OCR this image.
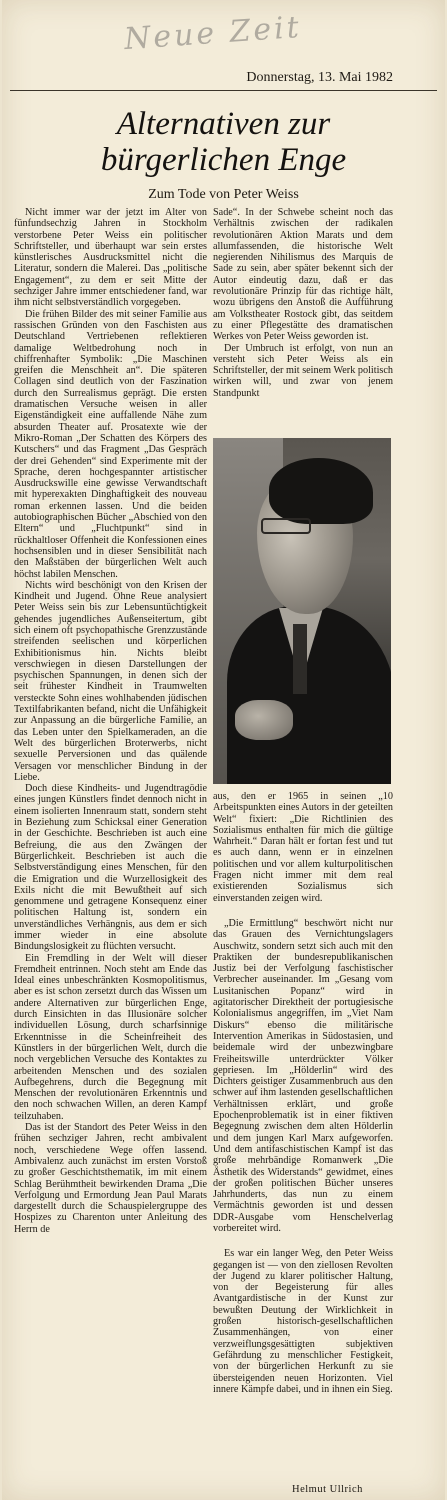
Neue Zeit
Donnerstag, 13. Mai 1982
Alternativen zur
bürgerlichen Enge
Zum Tode von Peter Weiss

Nicht immer war der jetzt im Alter von fünfundsechzig Jahren in Stockholm verstorbene Peter Weiss ein politischer Schriftsteller, und überhaupt war sein erstes künstlerisches Ausdrucksmittel nicht die Literatur, sondern die Malerei. Das „politische Engagement“, zu dem er seit Mitte der sechziger Jahre immer entschiedener fand, war ihm nicht selbstverständlich vorgegeben.

Die frühen Bilder des mit seiner Familie aus rassischen Gründen von den Faschisten aus Deutschland Vertriebenen reflektieren damalige Weltbedrohung noch in chiffrenhafter Symbolik: „Die Maschinen greifen die Menschheit an“. Die späteren Collagen sind deutlich von der Faszination durch den Surrealismus geprägt. Die ersten dramatischen Versuche weisen in aller Eigenständigkeit eine auffallende Nähe zum absurden Theater auf. Prosatexte wie der Mikro-Roman „Der Schatten des Körpers des Kutschers“ und das Fragment „Das Gespräch der drei Gehenden“ sind Experimente mit der Sprache, deren hochgespannter artistischer Ausdruckswille eine gewisse Verwandtschaft mit hyperexakten Dinghaftigkeit des nouveau roman erkennen lassen. Und die beiden autobiographischen Bücher „Abschied von den Eltern“ und „Fluchtpunkt“ sind in rückhaltloser Offenheit die Konfessionen eines hochsensiblen und in dieser Sensibilität nach den Maßstäben der bürgerlichen Welt auch höchst labilen Menschen.

Nichts wird beschönigt von den Krisen der Kindheit und Jugend. Ohne Reue analysiert Peter Weiss sein bis zur Lebensuntüchtigkeit gehendes jugendliches Außenseitertum, gibt sich einem oft psychopathische Grenzzustände streifenden seelischen und körperlichen Exhibitionismus hin. Nichts bleibt verschwiegen in diesen Darstellungen der psychischen Spannungen, in denen sich der seit frühester Kindheit in Traumwelten versteckte Sohn eines wohlhabenden jüdischen Textilfabrikanten befand, nicht die Unfähigkeit zur Anpassung an die bürgerliche Familie, an das Leben unter den Spielkameraden, an die Welt des bürgerlichen Broterwerbs, nicht sexuelle Perversionen und das quälende Versagen vor menschlicher Bindung in der Liebe.

Doch diese Kindheits- und Jugendtragödie eines jungen Künstlers findet dennoch nicht in einem isolierten Innenraum statt, sondern steht in Beziehung zum Schicksal einer Generation in der Geschichte. Beschrieben ist auch eine Befreiung, die aus den Zwängen der Bürgerlichkeit. Beschrieben ist auch die Selbstverständigung eines Menschen, für den die Emigration und die Wurzellosigkeit des Exils nicht die mit Bewußtheit auf sich genommene und getragene Konsequenz einer politischen Haltung ist, sondern ein unverständliches Verhängnis, aus dem er sich immer wieder in eine absolute Bindungslosigkeit zu flüchten versucht.

Ein Fremdling in der Welt will dieser Fremdheit entrinnen. Noch steht am Ende das Ideal eines unbeschränkten Kosmopolitismus, aber es ist schon zersetzt durch das Wissen um andere Alternativen zur bürgerlichen Enge, durch Einsichten in das Illusionäre solcher individuellen Lösung, durch scharfsinnige Erkenntnisse in die Scheinfreiheit des Künstlers in der bürgerlichen Welt, durch die noch vergeblichen Versuche des Kontaktes zu arbeitenden Menschen und des sozialen Aufbegehrens, durch die Begegnung mit Menschen der revolutionären Erkenntnis und den noch schwachen Willen, an deren Kampf teilzuhaben.

Das ist der Standort des Peter Weiss in den frühen sechziger Jahren, recht ambivalent noch, verschiedene Wege offen lassend. Ambivalenz auch zunächst im ersten Vorstoß zu großer Geschichtsthematik, im mit einem Schlag Berühmtheit bewirkenden Drama „Die Verfolgung und Ermordung Jean Paul Marats dargestellt durch die Schauspielergruppe des Hospizes zu Charenton unter Anleitung des Herrn de

Sade“. In der Schwebe scheint noch das Verhältnis zwischen der radikalen revolutionären Aktion Marats und dem allumfassenden, die historische Welt negierenden Nihilismus des Marquis de Sade zu sein, aber später bekennt sich der Autor eindeutig dazu, daß er das revolutionäre Prinzip für das richtige hält, wozu übrigens den Anstoß die Aufführung am Volkstheater Rostock gibt, das seitdem zu einer Pflegestätte des dramatischen Werkes von Peter Weiss geworden ist.

Der Umbruch ist erfolgt, von nun an versteht sich Peter Weiss als ein Schriftsteller, der mit seinem Werk politisch wirken will, und zwar von jenem Standpunkt

aus, den er 1965 in seinen „10 Arbeitspunkten eines Autors in der geteilten Welt“ fixiert: „Die Richtlinien des Sozialismus enthalten für mich die gültige Wahrheit.“ Daran hält er fortan fest und tut es auch dann, wenn er in einzelnen politischen und vor allem kulturpolitischen Fragen nicht immer mit dem real existierenden Sozialismus sich einverstanden zeigen wird.

„Die Ermittlung“ beschwört nicht nur das Grauen des Vernichtungslagers Auschwitz, sondern setzt sich auch mit den Praktiken der bundesrepublikanischen Justiz bei der Verfolgung faschistischer Verbrecher auseinander. Im „Gesang vom Lusitanischen Popanz“ wird in agitatorischer Direktheit der portugiesische Kolonialismus angegriffen, im „Viet Nam Diskurs“ ebenso die militärische Intervention Amerikas in Südostasien, und beidemale wird der unbezwingbare Freiheitswille unterdrückter Völker gepriesen. Im „Hölderlin“ wird des Dichters geistiger Zusammenbruch aus den schwer auf ihm lastenden gesellschaftlichen Verhältnissen erklärt, und große Epochenproblematik ist in einer fiktiven Begegnung zwischen dem alten Hölderlin und dem jungen Karl Marx aufgeworfen. Und dem antifaschistischen Kampf ist das große mehrbändige Romanwerk „Die Ästhetik des Widerstands“ gewidmet, eines der großen politischen Bücher unseres Jahrhunderts, das nun zu einem Vermächtnis geworden ist und dessen DDR-Ausgabe vom Henschelverlag vorbereitet wird.

Es war ein langer Weg, den Peter Weiss gegangen ist — von den ziellosen Revolten der Jugend zu klarer politischer Haltung, von der Begeisterung für alles Avantgardistische in der Kunst zur bewußten Deutung der Wirklichkeit in großen historisch-gesellschaftlichen Zusammenhängen, von einer verzweiflungsgesättigten subjektiven Gefährdung zu menschlicher Festigkeit, von der bürgerlichen Herkunft zu sie übersteigenden neuen Horizonten. Viel innere Kämpfe dabei, und in ihnen ein Sieg.

Helmut Ullrich
